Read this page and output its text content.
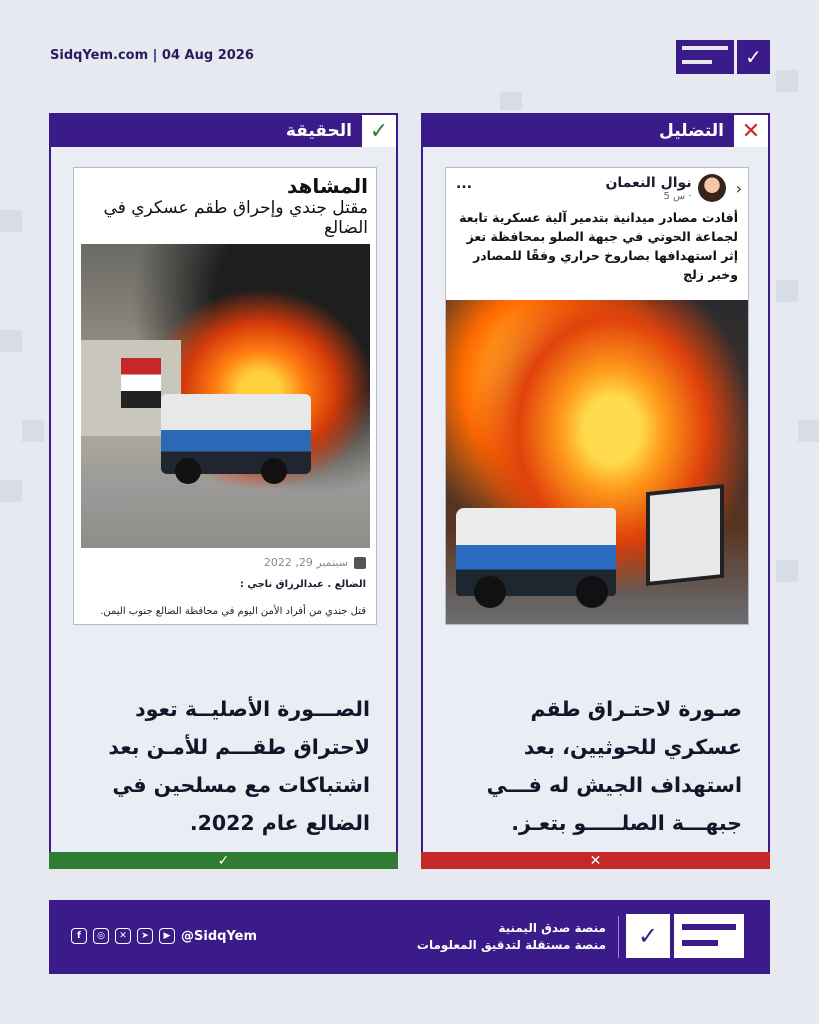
SidqYem.com | 04 Aug 2026	✓
التضليل ✕
...	نوال النعمان
5 س ·	›
أفادت مصادر ميدانية بتدمير آلية عسكرية تابعة لجماعة الحوتي في جبهة الصلو بمحافظة تعز إثر استهدافها بصاروخ حراري وفقًا للمصادر وخبر زلج
صـورة لاحتـراق طقم عسكري للحوثيين، بعد استهداف الجيش له فـــي جبهـــة الصلـــــو بتعـز.
✕
الحقيقة ✓
المشاهد
مقتل جندي وإحراق طقم عسكري في الضالع
سبتمبر 29, 2022
الضالع . عبدالرزاق ناجي :
قتل جندي من أفراد الأمن اليوم في محافظة الضالع جنوب اليمن.
الصـــورة الأصليــة تعود لاحتراق طقـــم للأمـن بعد اشتباكات مع مسلحين في الضالع عام 2022.
✓
✓
منصة صدق اليمنية
منصة مستقلة لتدقيق المعلومات
f	◎	✕	➤	▶ @SidqYem
